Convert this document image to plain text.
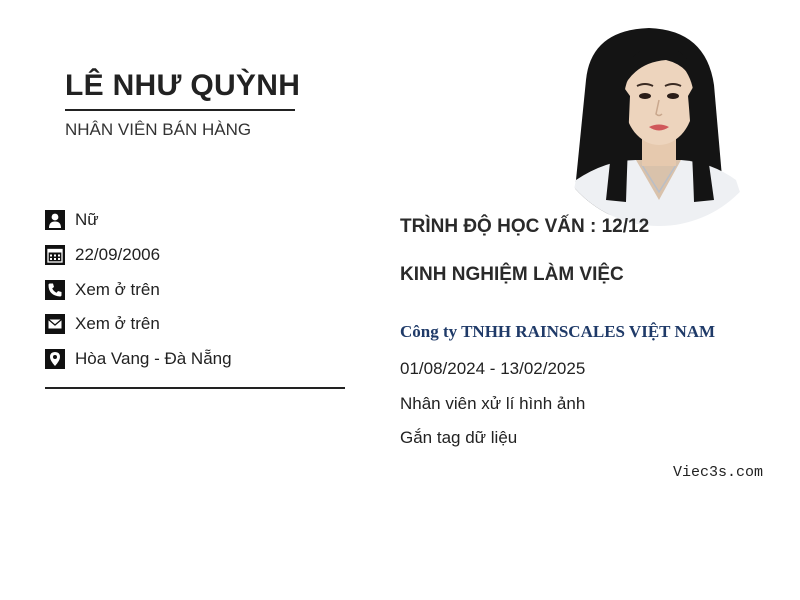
LÊ NHƯ QUỲNH
NHÂN VIÊN BÁN HÀNG
Nữ
22/09/2006
Xem ở trên
Xem ở trên
Hòa Vang - Đà Nẵng
TRÌNH ĐỘ HỌC VẤN : 12/12
KINH NGHIỆM LÀM VIỆC
Công ty TNHH RAINSCALES VIỆT NAM
01/08/2024 - 13/02/2025
Nhân viên xử lí hình ảnh
Gắn tag dữ liệu
Viec3s.com
